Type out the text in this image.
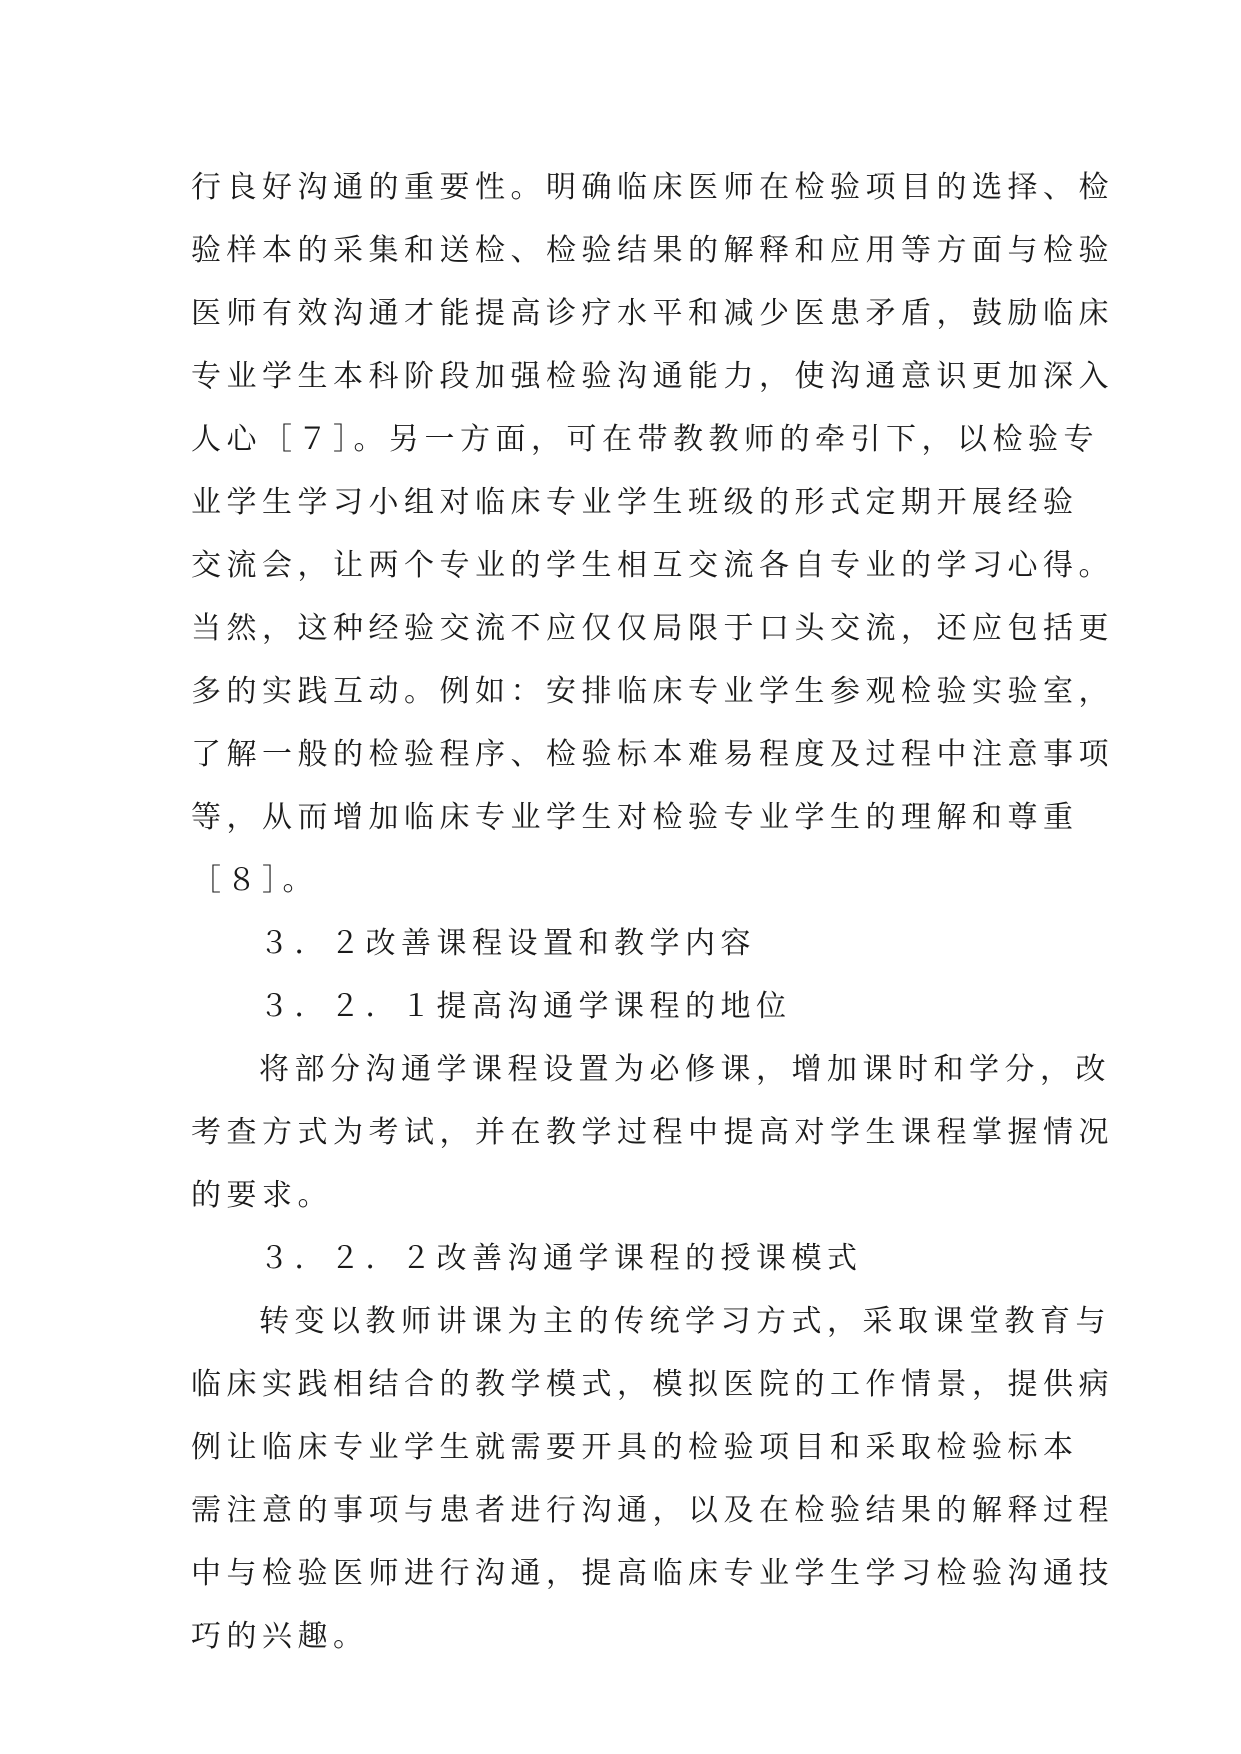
行良好沟通的重要性。明确临床医师在检验项目的选择、检
验样本的采集和送检、检验结果的解释和应用等方面与检验
医师有效沟通才能提高诊疗水平和减少医患矛盾，鼓励临床
专业学生本科阶段加强检验沟通能力，使沟通意识更加深入
人心［７］。另一方面，可在带教教师的牵引下，以检验专
业学生学习小组对临床专业学生班级的形式定期开展经验
交流会，让两个专业的学生相互交流各自专业的学习心得。
当然，这种经验交流不应仅仅局限于口头交流，还应包括更
多的实践互动。例如：安排临床专业学生参观检验实验室，
了解一般的检验程序、检验标本难易程度及过程中注意事项
等，从而增加临床专业学生对检验专业学生的理解和尊重
［８］。
３．２改善课程设置和教学内容
３．２．１提高沟通学课程的地位
将部分沟通学课程设置为必修课，增加课时和学分，改
考查方式为考试，并在教学过程中提高对学生课程掌握情况
的要求。
３．２．２改善沟通学课程的授课模式
转变以教师讲课为主的传统学习方式，采取课堂教育与
临床实践相结合的教学模式，模拟医院的工作情景，提供病
例让临床专业学生就需要开具的检验项目和采取检验标本
需注意的事项与患者进行沟通，以及在检验结果的解释过程
中与检验医师进行沟通，提高临床专业学生学习检验沟通技
巧的兴趣。
